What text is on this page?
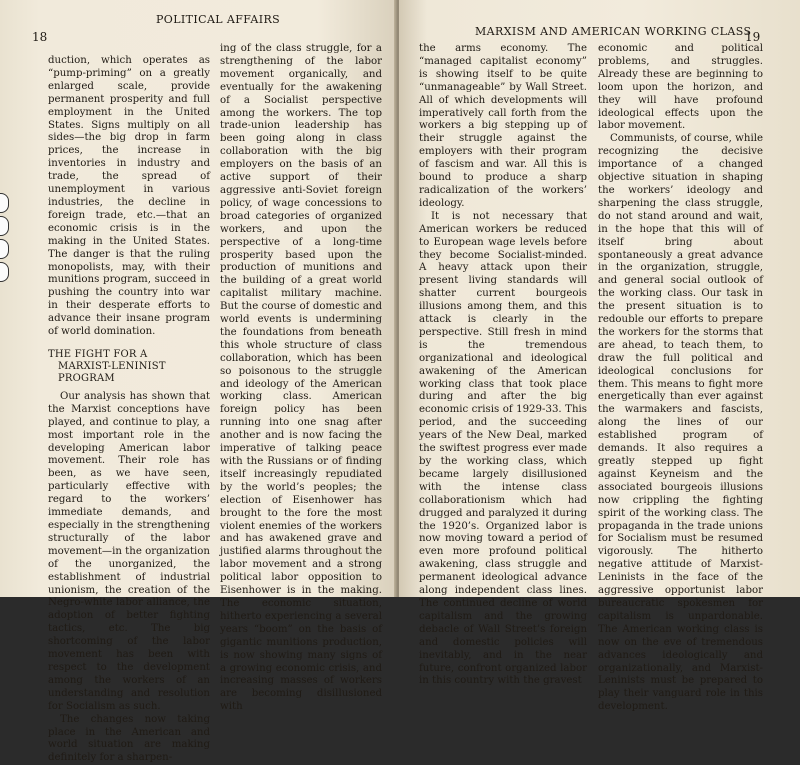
18
POLITICAL AFFAIRS

duction, which operates as “pump-priming” on a greatly enlarged scale, provide permanent prosperity and full employment in the United States. Signs multiply on all sides—the big drop in farm prices, the increase in inventories in industry and trade, the spread of unemployment in various industries, the decline in foreign trade, etc.—that an economic crisis is in the making in the United States. The danger is that the ruling monopolists, may, with their munitions program, succeed in pushing the country into war in their desperate efforts to advance their insane program of world domination.

THE FIGHT FOR A
MARXIST-LENINIST PROGRAM

Our analysis has shown that the Marxist conceptions have played, and continue to play, a most important role in the developing American labor movement. Their role has been, as we have seen, particularly effective with regard to the workers’ immediate demands, and especially in the strengthening structurally of the labor movement—in the organization of the unorganized, the establishment of industrial unionism, the creation of the Negro-white labor alliance, the adoption of better fighting tactics, etc. The big shortcoming of the labor movement has been with respect to the development among the workers of an understanding and resolution for Socialism as such.

The changes now taking place in the American and world situation are making definitely for a sharpen-

ing of the class struggle, for a strengthening of the labor movement organically, and eventually for the awakening of a Socialist perspective among the workers. The top trade-union leadership has been going along in class collaboration with the big employers on the basis of an active support of their aggressive anti-Soviet foreign policy, of wage concessions to broad categories of organized workers, and upon the perspective of a long-time prosperity based upon the production of munitions and the building of a great world capitalist military machine. But the course of domestic and world events is undermining the foundations from beneath this whole structure of class collaboration, which has been so poisonous to the struggle and ideology of the American working class. American foreign policy has been running into one snag after another and is now facing the imperative of talking peace with the Russians or of finding itself increasingly repudiated by the world’s peoples; the election of Eisenhower has brought to the fore the most violent enemies of the workers and has awakened grave and justified alarms throughout the labor movement and a strong political labor opposition to Eisenhower is in the making. The economic situation, hitherto experiencing a several years “boom” on the basis of gigantic munitions production, is now showing many signs of a growing economic crisis, and increasing masses of workers are becoming disillusioned with

MARXISM AND AMERICAN WORKING CLASS
19

the arms economy. The “managed capitalist economy” is showing itself to be quite “unmanageable” by Wall Street. All of which developments will imperatively call forth from the workers a big stepping up of their struggle against the employers with their program of fascism and war. All this is bound to produce a sharp radicalization of the workers’ ideology.

It is not necessary that American workers be reduced to European wage levels before they become Socialist-minded. A heavy attack upon their present living standards will shatter current bourgeois illusions among them, and this attack is clearly in the perspective. Still fresh in mind is the tremendous organizational and ideological awakening of the American working class that took place during and after the big economic crisis of 1929-33. This period, and the succeeding years of the New Deal, marked the swiftest progress ever made by the working class, which became largely disillusioned with the intense class collaborationism which had drugged and paralyzed it during the 1920’s. Organized labor is now moving toward a period of even more profound political awakening, class struggle and permanent ideological advance along independent class lines. The continued decline of world capitalism and the growing debacle of Wall Street’s foreign and domestic policies will inevitably, and in the near future, confront organized labor in this country with the gravest

economic and political problems, and struggles. Already these are beginning to loom upon the horizon, and they will have profound ideological effects upon the labor movement.

Communists, of course, while recognizing the decisive importance of a changed objective situation in shaping the workers’ ideology and sharpening the class struggle, do not stand around and wait, in the hope that this will of itself bring about spontaneously a great advance in the organization, struggle, and general social outlook of the working class. Our task in the present situation is to redouble our efforts to prepare the workers for the storms that are ahead, to teach them, to draw the full political and ideological conclusions for them. This means to fight more energetically than ever against the warmakers and fascists, along the lines of our established program of demands. It also requires a greatly stepped up fight against Keyneism and the associated bourgeois illusions now crippling the fighting spirit of the working class. The propaganda in the trade unions for Socialism must be resumed vigorously. The hitherto negative attitude of Marxist-Leninists in the face of the aggressive opportunist labor bureaucratic spokesmen for capitalism is unpardonable. The American working class is now on the eve of tremendous advances ideologically and organizationally, and Marxist-Leninists must be prepared to play their vanguard role in this development.
